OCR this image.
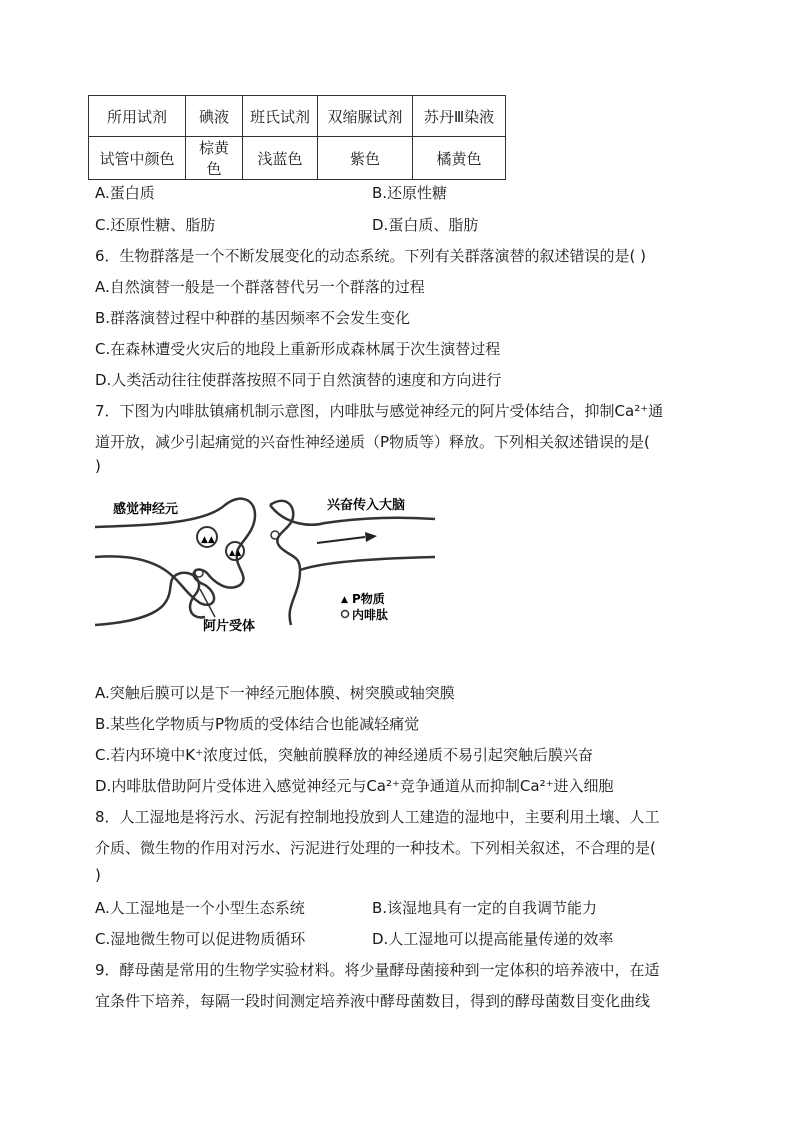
所用试剂	碘液	班氏试剂	双缩脲试剂	苏丹Ⅲ染液
试管中颜色	棕黄色	浅蓝色	紫色	橘黄色
A.蛋白质	B.还原性糖
C.还原性糖、脂肪	D.蛋白质、脂肪
6．生物群落是一个不断发展变化的动态系统。下列有关群落演替的叙述错误的是( )
A.自然演替一般是一个群落替代另一个群落的过程
B.群落演替过程中种群的基因频率不会发生变化
C.在森林遭受火灾后的地段上重新形成森林属于次生演替过程
D.人类活动往往使群落按照不同于自然演替的速度和方向进行
7．下图为内啡肽镇痛机制示意图，内啡肽与感觉神经元的阿片受体结合，抑制Ca²⁺通
道开放，减少引起痛觉的兴奋性神经递质（P物质等）释放。下列相关叙述错误的是(
)
▲▲
▲▲
感觉神经元	兴奋传入大脑
阿片受体
▲ P物质
内啡肽
A.突触后膜可以是下一神经元胞体膜、树突膜或轴突膜
B.某些化学物质与P物质的受体结合也能减轻痛觉
C.若内环境中K⁺浓度过低，突触前膜释放的神经递质不易引起突触后膜兴奋
D.内啡肽借助阿片受体进入感觉神经元与Ca²⁺竞争通道从而抑制Ca²⁺进入细胞
8．人工湿地是将污水、污泥有控制地投放到人工建造的湿地中，主要利用土壤、人工
介质、微生物的作用对污水、污泥进行处理的一种技术。下列相关叙述，不合理的是(
)
A.人工湿地是一个小型生态系统	B.该湿地具有一定的自我调节能力
C.湿地微生物可以促进物质循环	D.人工湿地可以提高能量传递的效率
9．酵母菌是常用的生物学实验材料。将少量酵母菌接种到一定体积的培养液中，在适
宜条件下培养，每隔一段时间测定培养液中酵母菌数目，得到的酵母菌数目变化曲线
